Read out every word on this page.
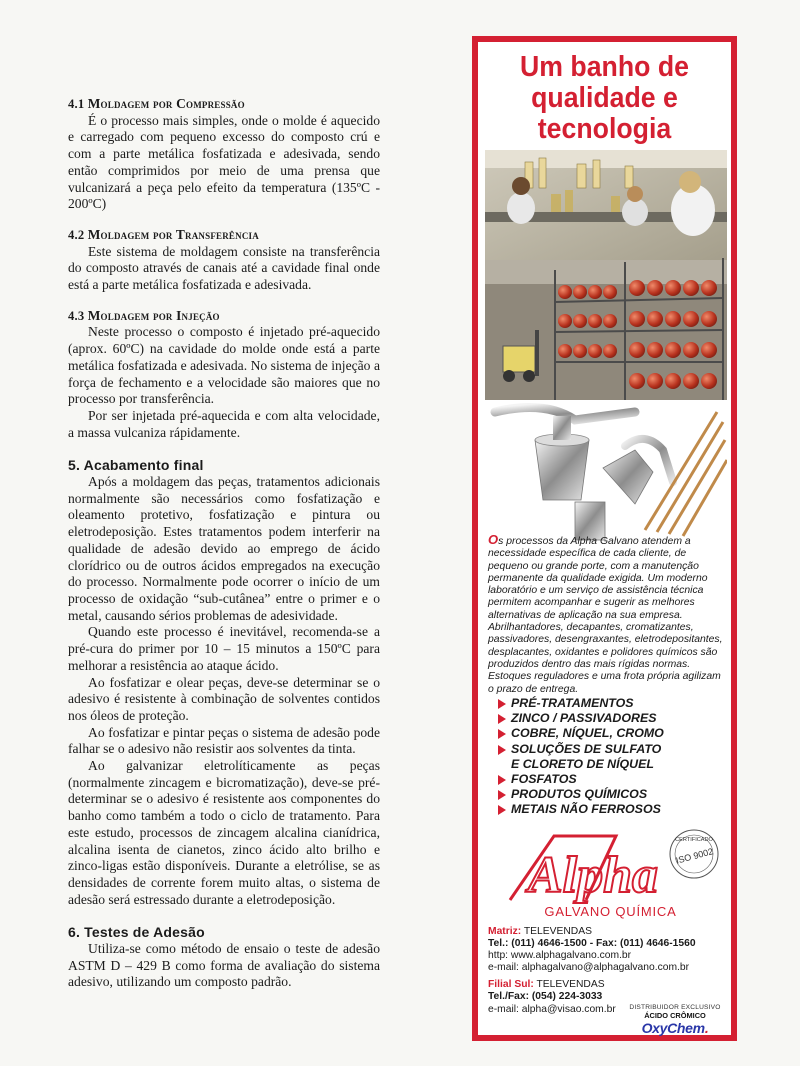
4.1 Moldagem por Compressão

É o processo mais simples, onde o molde é aquecido e carregado com pequeno excesso do composto crú e com a parte metálica fosfatizada e adesivada, sendo então comprimidos por meio de uma prensa que vulcanizará a peça pelo efeito da temperatura (135ºC - 200ºC)

4.2 Moldagem por Transferência

Este sistema de moldagem consiste na transferência do composto através de canais até a cavidade final onde está a parte metálica fosfatizada e adesivada.

4.3 Moldagem por Injeção

Neste processo o composto é injetado pré-aquecido (aprox. 60ºC) na cavidade do molde onde está a parte metálica fosfatizada e adesivada. No sistema de injeção a força de fechamento e a velocidade são maiores que no processo por transferência.

Por ser injetada pré-aquecida e com alta velocidade, a massa vulcaniza rápidamente.

5. Acabamento final

Após a moldagem das peças, tratamentos adicionais normalmente são necessários como fosfatização e oleamento protetivo, fosfatização e pintura ou eletrodeposição. Estes tratamentos podem interferir na qualidade de adesão devido ao emprego de ácido clorídrico ou de outros ácidos empregados na execução do processo. Normalmente pode ocorrer o início de um processo de oxidação “sub-cutânea” entre o primer e o metal, causando sérios problemas de adesividade.

Quando este processo é inevitável, recomenda-se a pré-cura do primer por 10 – 15 minutos a 150ºC para melhorar a resistência ao ataque ácido.

Ao fosfatizar e olear peças, deve-se determinar se o adesivo é resistente à combinação de solventes contidos nos óleos de proteção.

Ao fosfatizar e pintar peças o sistema de adesão pode falhar se o adesivo não resistir aos solventes da tinta.

Ao galvanizar eletrolíticamente as peças (normalmente zincagem e bicromatização), deve-se pré-determinar se o adesivo é resistente aos componentes do banho como também a todo o ciclo de tratamento. Para este estudo, processos de zincagem alcalina cianídrica, alcalina isenta de cianetos, zinco ácido alto brilho e zinco-ligas estão disponíveis. Durante a eletrólise, se as densidades de corrente forem muito altas, o sistema de adesão será estressado durante a eletrodeposição.

6. Testes de Adesão

Utiliza-se como método de ensaio o teste de adesão ASTM D – 429 B como forma de avaliação do sistema adesivo, utilizando um composto padrão.

Um banho de qualidade e tecnologia

Os processos da Alpha Galvano atendem a necessidade específica de cada cliente, de pequeno ou grande porte, com a manutenção permanente da qualidade exigida. Um moderno laboratório e um serviço de assistência técnica permitem acompanhar e sugerir as melhores alternativas de aplicação na sua empresa. Abrilhantadores, decapantes, cromatizantes, passivadores, desengraxantes, eletrodepositantes, desplacantes, oxidantes e polidores químicos são produzidos dentro das mais rígidas normas. Estoques reguladores e uma frota própria agilizam o prazo de entrega.

PRÉ-TRATAMENTOS
ZINCO / PASSIVADORES
COBRE, NÍQUEL, CROMO
SOLUÇÕES DE SULFATO
E CLORETO DE NÍQUEL
FOSFATOS
PRODUTOS QUÍMICOS
METAIS NÃO FERROSOS
Alpha
CERTIFICADO
ISO 9002
GALVANO QUÍMICA
Matriz: TELEVENDAS
Tel.: (011) 4646-1500 - Fax: (011) 4646-1560
http: www.alphagalvano.com.br
e-mail: alphagalvano@alphagalvano.com.br
Filial Sul: TELEVENDAS
Tel./Fax: (054) 224-3033
e-mail: alpha@visao.com.br	DISTRIBUIDOR EXCLUSIVO
ÁCIDO CRÔMICO
OxyChem.
